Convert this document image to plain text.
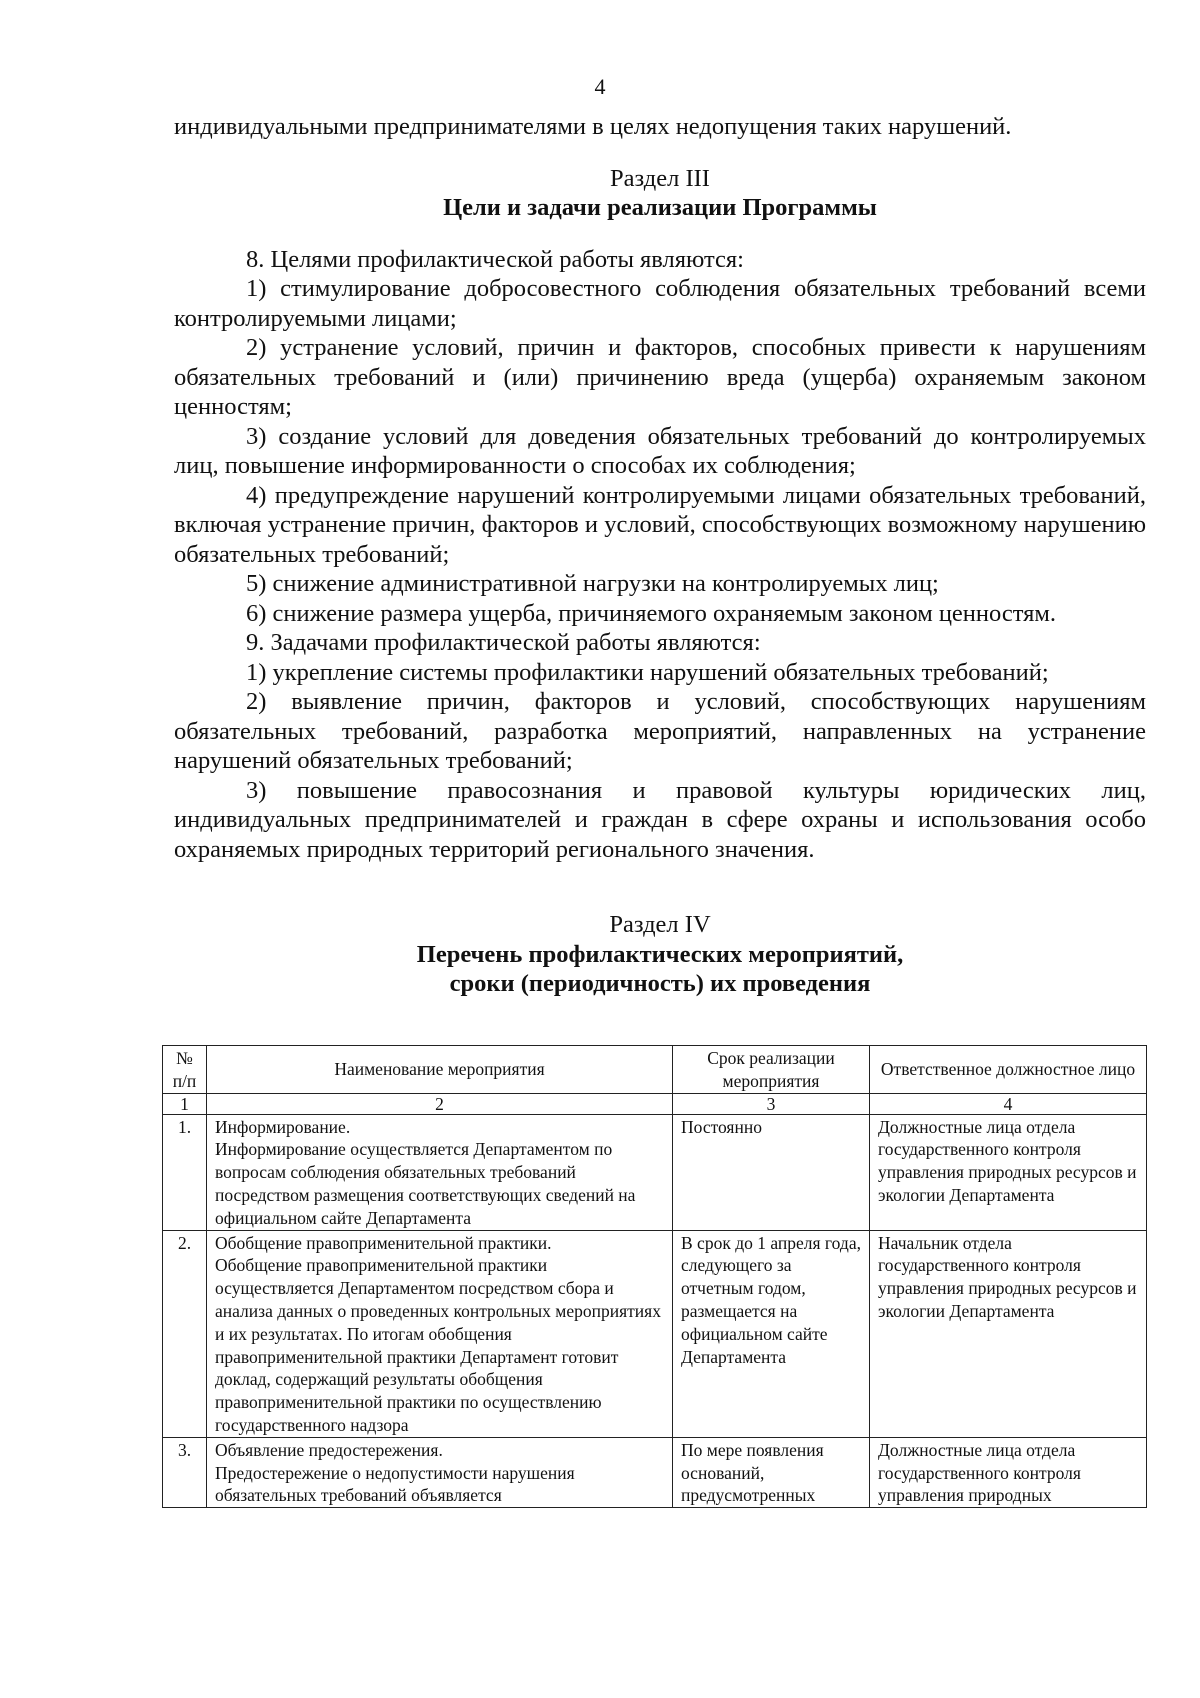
4

индивидуальными предпринимателями в целях недопущения таких нарушений.

Раздел III

Цели и задачи реализации Программы

8. Целями профилактической работы являются:

1) стимулирование добросовестного соблюдения обязательных требований всеми контролируемыми лицами;

2) устранение условий, причин и факторов, способных привести к нарушениям обязательных требований и (или) причинению вреда (ущерба) охраняемым законом ценностям;

3) создание условий для доведения обязательных требований до контролируемых лиц, повышение информированности о способах их соблюдения;

4) предупреждение нарушений контролируемыми лицами обязательных требований, включая устранение причин, факторов и условий, способствующих возможному нарушению обязательных требований;

5) снижение административной нагрузки на контролируемых лиц;

6) снижение размера ущерба, причиняемого охраняемым законом ценностям.

9. Задачами профилактической работы являются:

1) укрепление системы профилактики нарушений обязательных требований;

2) выявление причин, факторов и условий, способствующих нарушениям обязательных требований, разработка мероприятий, направленных на устранение нарушений обязательных требований;

3) повышение правосознания и правовой культуры юридических лиц, индивидуальных предпринимателей и граждан в сфере охраны и использования особо охраняемых природных территорий регионального значения.

Раздел IV

Перечень профилактических мероприятий,

сроки (периодичность) их проведения

№ п/п	Наименование мероприятия	Срок реализации мероприятия	Ответственное должностное лицо
1	2	3	4
1.	Информирование.
Информирование осуществляется Департаментом по вопросам соблюдения обязательных требований посредством размещения соответствующих сведений на официальном сайте Департамента	Постоянно	Должностные лица отдела государственного контроля управления природных ресурсов и экологии Департамента
2.	Обобщение правоприменительной практики.
Обобщение правоприменительной практики осуществляется Департаментом посредством сбора и анализа данных о проведенных контрольных мероприятиях и их результатах. По итогам обобщения правоприменительной практики Департамент готовит доклад, содержащий результаты обобщения правоприменительной практики по осуществлению государственного надзора	В срок до 1 апреля года, следующего за отчетным годом, размещается на официальном сайте Департамента	Начальник отдела государственного контроля управления природных ресурсов и экологии Департамента
3.	Объявление предостережения.
Предостережение о недопустимости нарушения обязательных требований объявляется	По мере появления оснований, предусмотренных	Должностные лица отдела государственного контроля управления природных
